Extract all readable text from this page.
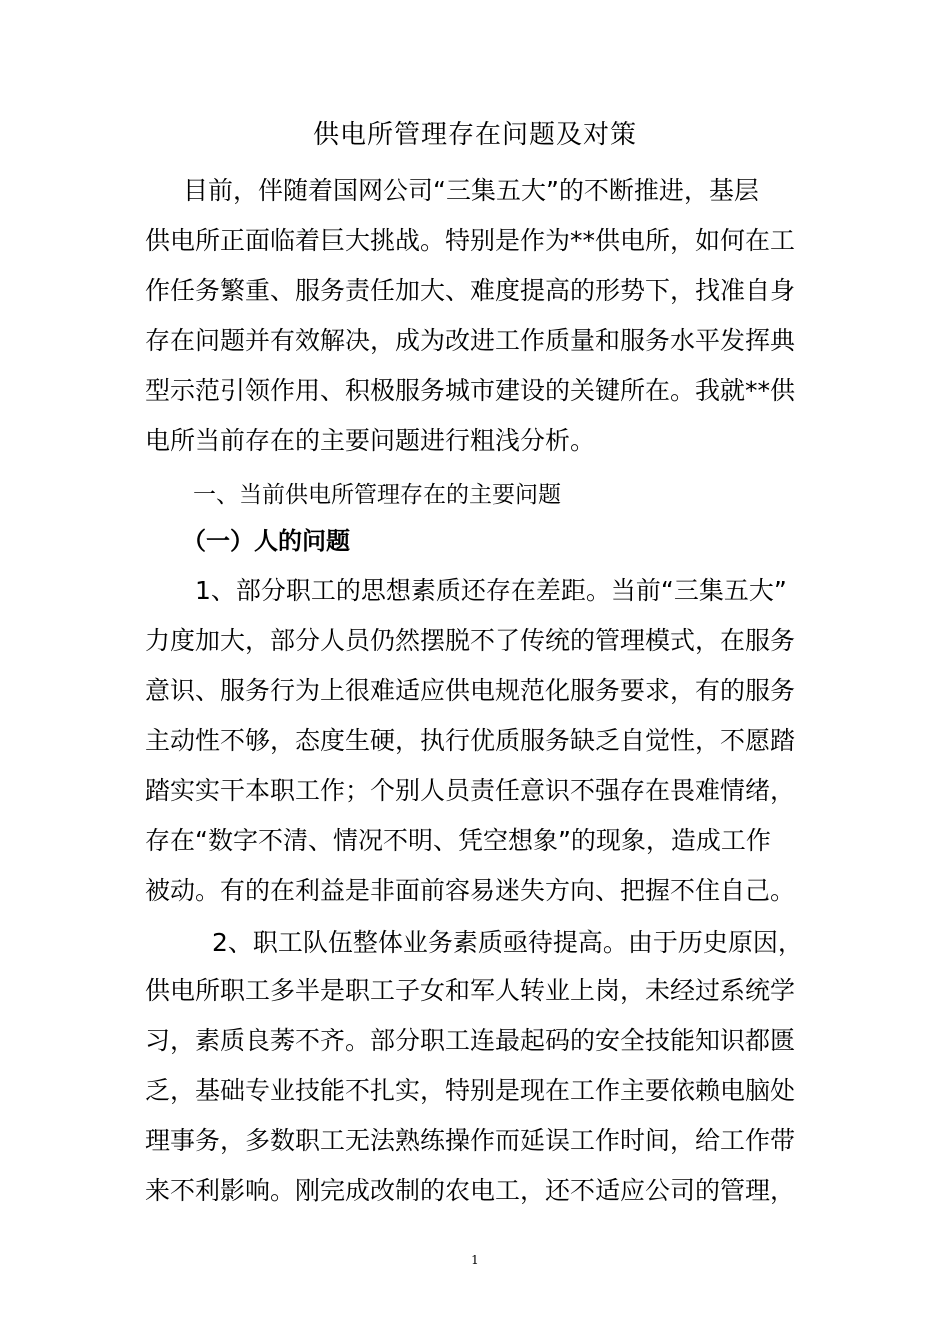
供电所管理存在问题及对策
目前，伴随着国网公司“三集五大”的不断推进，基层
供电所正面临着巨大挑战。特别是作为**供电所，如何在工
作任务繁重、服务责任加大、难度提高的形势下，找准自身
存在问题并有效解决，成为改进工作质量和服务水平发挥典
型示范引领作用、积极服务城市建设的关键所在。我就**供
电所当前存在的主要问题进行粗浅分析。
一、当前供电所管理存在的主要问题
（一）人的问题
1、部分职工的思想素质还存在差距。当前“三集五大”
力度加大，部分人员仍然摆脱不了传统的管理模式，在服务
意识、服务行为上很难适应供电规范化服务要求，有的服务
主动性不够，态度生硬，执行优质服务缺乏自觉性，不愿踏
踏实实干本职工作；个别人员责任意识不强存在畏难情绪，
存在“数字不清、情况不明、凭空想象”的现象，造成工作
被动。有的在利益是非面前容易迷失方向、把握不住自己。
2、职工队伍整体业务素质亟待提高。由于历史原因，
供电所职工多半是职工子女和军人转业上岗，未经过系统学
习，素质良莠不齐。部分职工连最起码的安全技能知识都匮
乏，基础专业技能不扎实，特别是现在工作主要依赖电脑处
理事务，多数职工无法熟练操作而延误工作时间，给工作带
来不利影响。刚完成改制的农电工，还不适应公司的管理，
1
